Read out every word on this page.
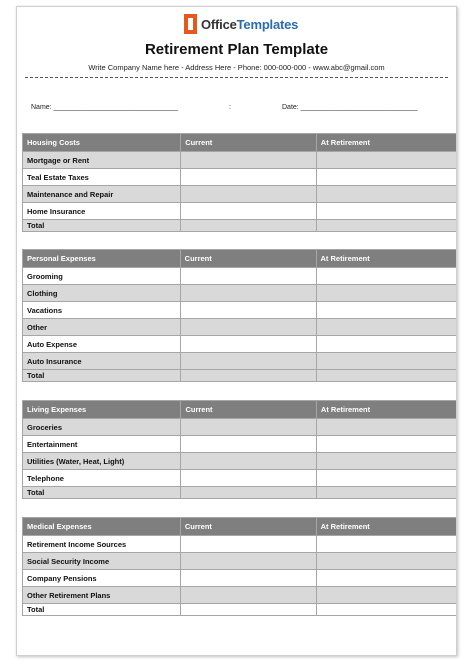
OfficeTemplates
Retirement Plan Template
Write Company Name here - Address Here - Phone: 000-000-000 - www.abc@gmail.com
Name: ________________________________	:	Date: ______________________________
Housing Costs	Current	At Retirement
Mortgage or Rent		
Teal Estate Taxes		
Maintenance and Repair		
Home Insurance		
Total		
Personal Expenses	Current	At Retirement
Grooming		
Clothing		
Vacations		
Other		
Auto Expense		
Auto Insurance		
Total		
Living Expenses	Current	At Retirement
Groceries		
Entertainment		
Utilities (Water, Heat, Light)		
Telephone		
Total		
Medical Expenses	Current	At Retirement
Retirement Income Sources		
Social Security Income		
Company Pensions		
Other Retirement Plans		
Total		
